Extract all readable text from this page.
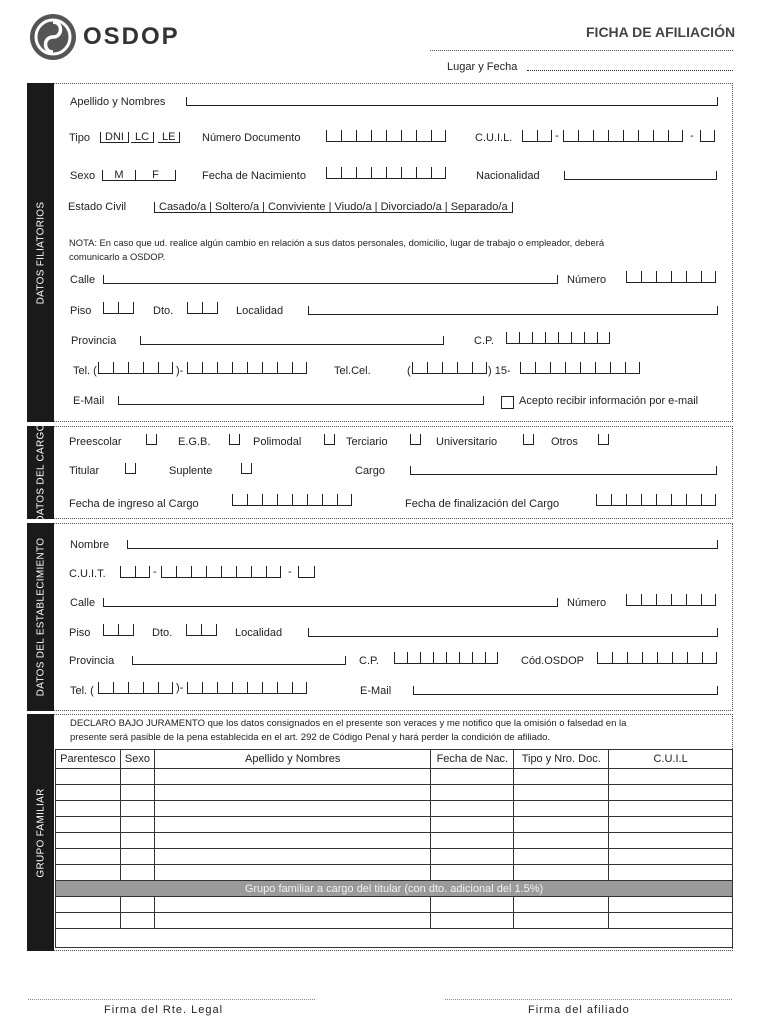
OSDOP	FICHA DE AFILIACIÓN
Lugar y Fecha
DATOS FILIATORIOS
Apellido y Nombres
Tipo	DNI	LC	LE	Número Documento	C.U.I.L.	-	-
Sexo	M	F	Fecha de Nacimiento	Nacionalidad
Estado Civil	Casado/a | Soltero/a | Conviviente | Viudo/a | Divorciado/a | Separado/a
NOTA: En caso que ud. realice algún cambio en relación a sus datos personales, domicilio, lugar de trabajo o empleador, deberá
comunicarlo a OSDOP.
Calle	Número
Piso	Dto.	Localidad
Provincia	C.P.
Tel. (	)-	Tel.Cel.	(	) 15-
E-Mail	Acepto recibir información por e-mail
DATOS DEL CARGO Preescolar	E.G.B.	Polimodal	Terciario	Universitario	Otros
Titular	Suplente	Cargo
Fecha de ingreso al Cargo	Fecha de finalización del Cargo
DATOS DEL ESTABLECIMIENTO Nombre
C.U.I.T.	-	-
Calle	Número
Piso	Dto.	Localidad
Provincia	C.P.	Cód.OSDOP
Tel. (	)-	E-Mail
GRUPO FAMILIAR
DECLARO BAJO JURAMENTO que los datos consignados en el presente son veraces y me notifico que la omisión o falsedad en la
presente será pasible de la pena establecida en el art. 292 de Código Penal y hará perder la condición de afiliado.
Parentesco	Sexo	Apellido y Nombres	Fecha de Nac.	Tipo y Nro. Doc.	C.U.I.L

Grupo familiar a cargo del titular (con dto. adicional del 1.5%)					

Firma del Rte. Legal	Firma del afiliado
